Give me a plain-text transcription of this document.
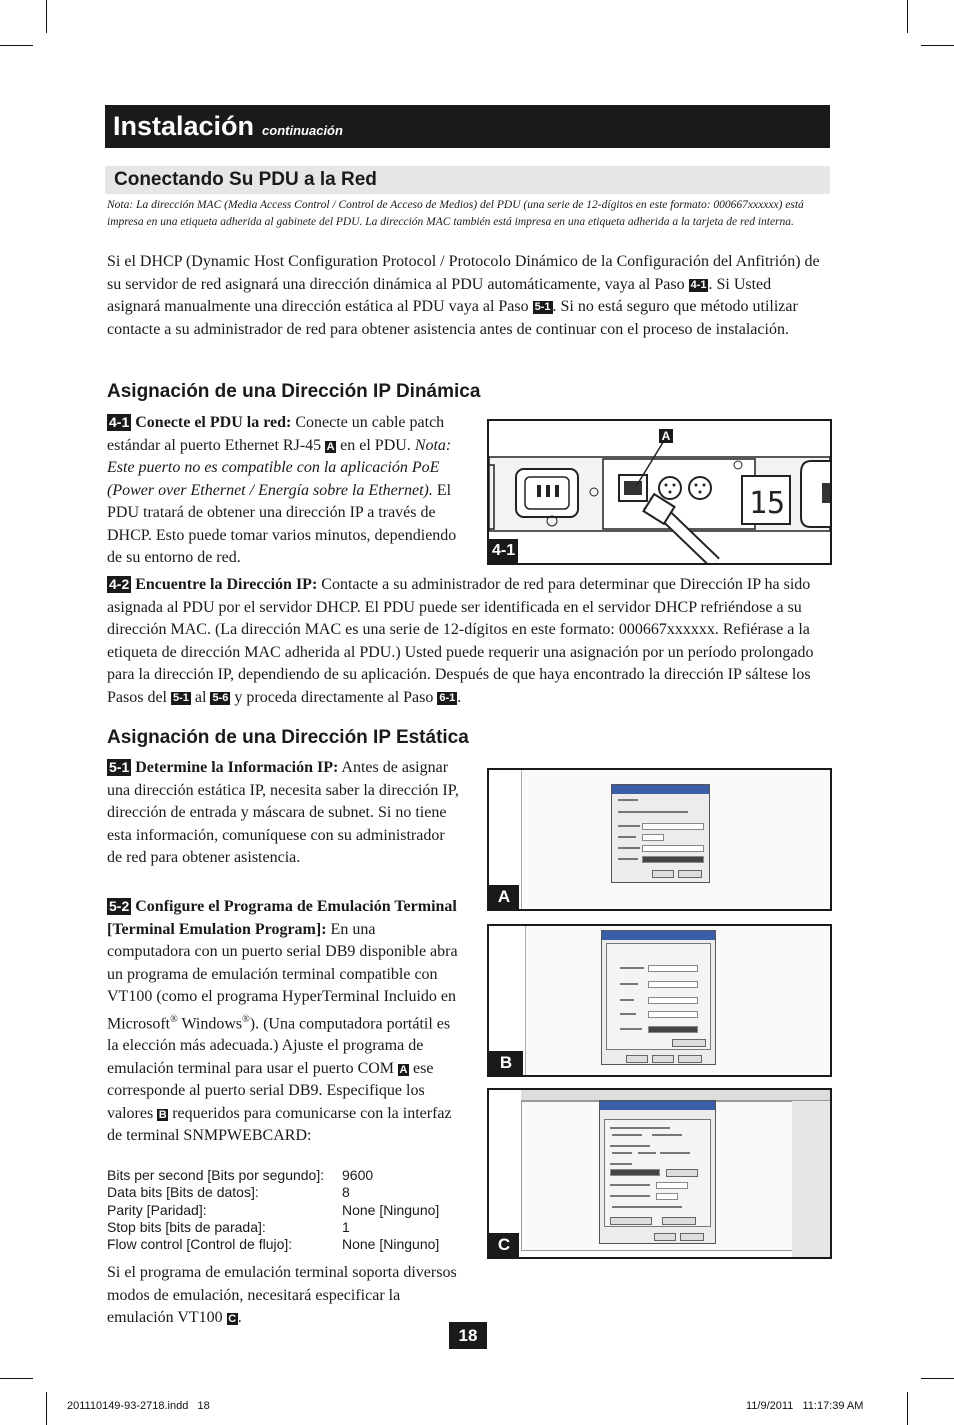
Instalación continuación
Conectando Su PDU a la Red
Nota: La dirección MAC (Media Access Control / Control de Acceso de Medios) del PDU (una serie de 12-dígitos en este formato: 000667xxxxxx) está impresa en una etiqueta adherida al gabinete del PDU. La dirección MAC también está impresa en una etiqueta adherida a la tarjeta de red interna.
Si el DHCP (Dynamic Host Configuration Protocol / Protocolo Dinámico de la Configuración del Anfitrión) de su servidor de red asignará una dirección dinámica al PDU automáticamente, vaya al Paso 4-1 . Si Usted asignará manualmente una dirección estática al PDU vaya al Paso 5-1 . Si no está seguro que método utilizar contacte a su administrador de red para obtener asistencia antes de continuar con el proceso de instalación.
Asignación de una Dirección IP Dinámica
4-1 Conecte el PDU la red: Conecte un cable patch estándar al puerto Ethernet RJ-45 A en el PDU. Nota: Este puerto no es compatible con la aplicación PoE (Power over Ethernet / Energía sobre la Ethernet). El PDU tratará de obtener una dirección IP a través de DHCP. Esto puede tomar varios minutos, dependiendo de su entorno de red.
15
A
4-1
4-2 Encuentre la Dirección IP: Contacte a su administrador de red para determinar que Dirección IP ha sido asignada al PDU por el servidor DHCP. El PDU puede ser identificada en el servidor DHCP refriéndose a su dirección MAC. (La dirección MAC es una serie de 12-dígitos en este formato: 000667xxxxxx. Refiérase a la etiqueta de dirección MAC adherida al PDU.) Usted puede requerir una asignación por un período prolongado para la dirección IP, dependiendo de su aplicación. Después de que haya encontrado la dirección IP sáltese los Pasos del 5-1 al 5-6 y proceda directamente al Paso 6-1 .
Asignación de una Dirección IP Estática
5-1 Determine la Información IP: Antes de asignar una dirección estática IP, necesita saber la dirección IP, dirección de entrada y máscara de subnet. Si no tiene esta información, comuníquese con su administrador de red para obtener asistencia.
5-2 Configure el Programa de Emulación Terminal [Terminal Emulation Program]: En una computadora con un puerto serial DB9 disponible abra un programa de emulación terminal compatible con VT100 (como el programa HyperTerminal Incluido en Microsoft® Windows®). (Una computadora portátil es la elección más adecuada.) Ajuste el programa de emulación terminal para usar el puerto COM A ese corresponde al puerto serial DB9. Especifique los valores B requeridos para comunicarse con la interfaz de terminal SNMPWEBCARD:
Bits per second [Bits por segundo]:	9600
Data bits [Bits de datos]:	8
Parity [Paridad]:	None [Ninguno]
Stop bits [bits de parada]:	1
Flow control [Control de flujo]:	None [Ninguno]
Si el programa de emulación terminal soporta diversos modos de emulación, necesitará especificar la emulación VT100 C.
A
B
C
18
201110149-93-2718.indd   18	11/9/2011   11:17:39 AM
